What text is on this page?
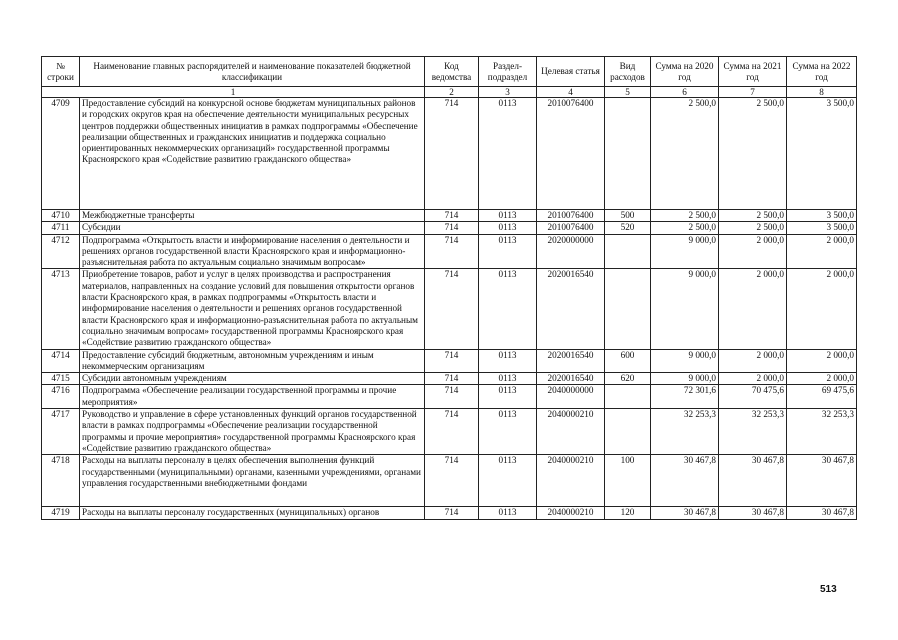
№ строки	Наименование главных распорядителей и наименование показателей бюджетной классификации	Код ведомства	Раздел-подраздел	Целевая статья	Вид расходов	Сумма на 2020 год	Сумма на 2021 год	Сумма на 2022 год
1		2	3	4	5	6	7	8
4709	Предоставление субсидий на конкурсной основе бюджетам муниципальных районов и городских округов края на обеспечение деятельности муниципальных ресурсных центров поддержки общественных инициатив в рамках подпрограммы «Обеспечение реализации общественных и гражданских инициатив и поддержка социально ориентированных некоммерческих организаций» государственной программы Красноярского края «Содействие развитию гражданского общества»	714	0113	2010076400		2 500,0	2 500,0	3 500,0
4710	Межбюджетные трансферты	714	0113	2010076400	500	2 500,0	2 500,0	3 500,0
4711	Субсидии	714	0113	2010076400	520	2 500,0	2 500,0	3 500,0
4712	Подпрограмма «Открытость власти и информирование населения о деятельности и решениях органов государственной власти Красноярского края и информационно-разъяснительная работа по актуальным социально значимым вопросам»	714	0113	2020000000		9 000,0	2 000,0	2 000,0
4713	Приобретение товаров, работ и услуг в целях производства и распространения материалов, направленных на создание условий для повышения открытости органов власти Красноярского края, в рамках подпрограммы «Открытость власти и информирование населения о деятельности и решениях органов государственной власти Красноярского края и информационно-разъяснительная работа по актуальным социально значимым вопросам» государственной программы Красноярского края «Содействие развитию гражданского общества»	714	0113	2020016540		9 000,0	2 000,0	2 000,0
4714	Предоставление субсидий бюджетным, автономным учреждениям и иным некоммерческим организациям	714	0113	2020016540	600	9 000,0	2 000,0	2 000,0
4715	Субсидии автономным учреждениям	714	0113	2020016540	620	9 000,0	2 000,0	2 000,0
4716	Подпрограмма «Обеспечение реализации государственной программы и прочие мероприятия»	714	0113	2040000000		72 301,6	70 475,6	69 475,6
4717	Руководство и управление в сфере установленных функций органов государственной власти в рамках подпрограммы «Обеспечение реализации государственной программы и прочие мероприятия» государственной программы Красноярского края «Содействие развитию гражданского общества»	714	0113	2040000210		32 253,3	32 253,3	32 253,3
4718	Расходы на выплаты персоналу в целях обеспечения выполнения функций государственными (муниципальными) органами, казенными учреждениями, органами управления государственными внебюджетными фондами	714	0113	2040000210	100	30 467,8	30 467,8	30 467,8
4719	Расходы на выплаты персоналу государственных (муниципальных) органов	714	0113	2040000210	120	30 467,8	30 467,8	30 467,8
513
